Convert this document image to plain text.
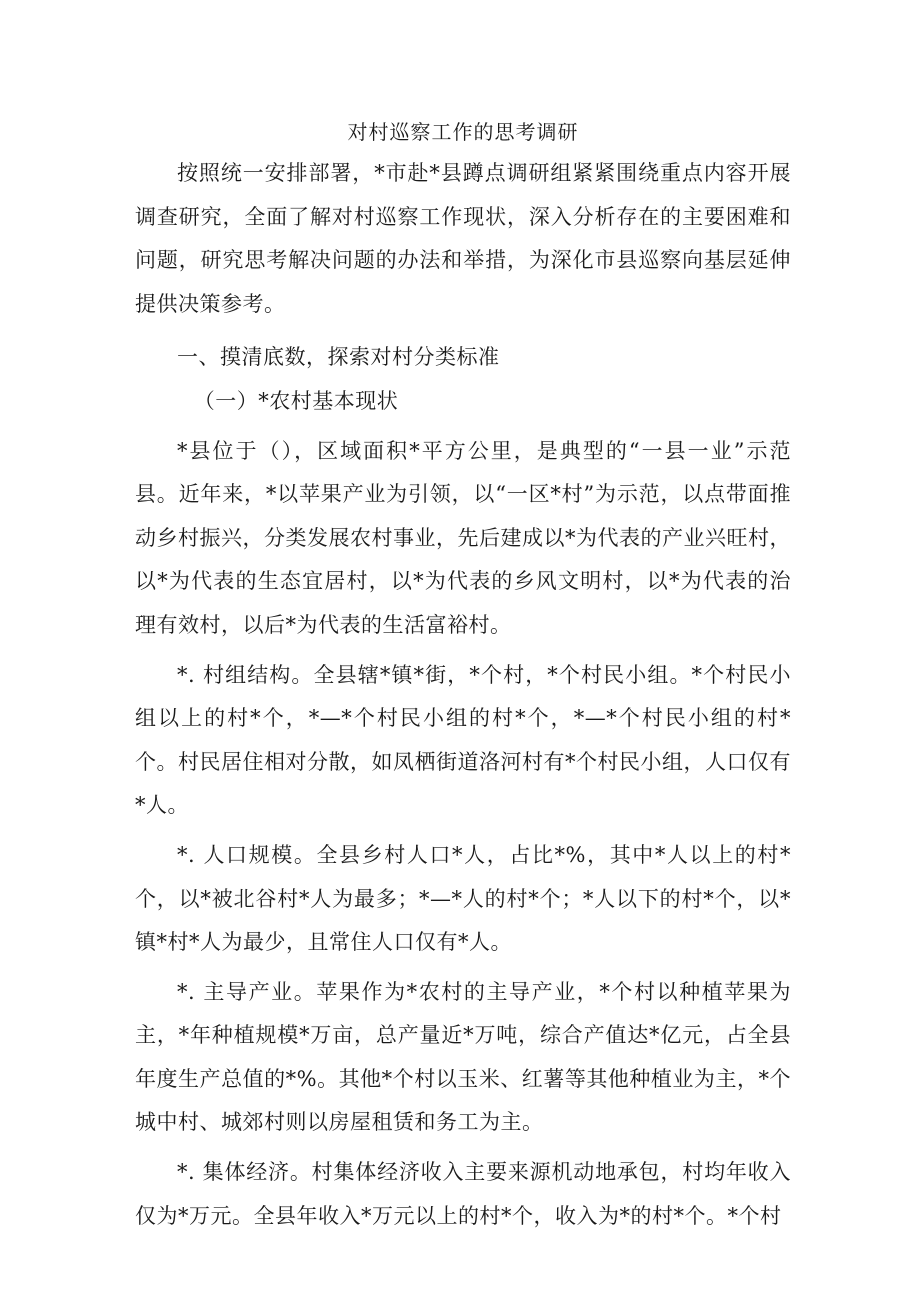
对村巡察工作的思考调研

按照统一安排部署，*市赴*县蹲点调研组紧紧围绕重点内容开展调查研究，全面了解对村巡察工作现状，深入分析存在的主要困难和问题，研究思考解决问题的办法和举措，为深化市县巡察向基层延伸提供决策参考。

一、摸清底数，探索对村分类标准

（一）*农村基本现状

*县位于（），区域面积*平方公里，是典型的“一县一业”示范县。近年来，*以苹果产业为引领，以“一区*村”为示范，以点带面推动乡村振兴，分类发展农村事业，先后建成以*为代表的产业兴旺村，以*为代表的生态宜居村，以*为代表的乡风文明村，以*为代表的治理有效村，以后*为代表的生活富裕村。

*. 村组结构。全县辖*镇*街，*个村，*个村民小组。*个村民小组以上的村*个，*—*个村民小组的村*个，*—*个村民小组的村*个。村民居住相对分散，如凤栖街道洛河村有*个村民小组，人口仅有*人。

*. 人口规模。全县乡村人口*人，占比*%，其中*人以上的村*个，以*被北谷村*人为最多；*—*人的村*个；*人以下的村*个，以*镇*村*人为最少，且常住人口仅有*人。

*. 主导产业。苹果作为*农村的主导产业，*个村以种植苹果为主，*年种植规模*万亩，总产量近*万吨，综合产值达*亿元，占全县年度生产总值的*%。其他*个村以玉米、红薯等其他种植业为主，*个城中村、城郊村则以房屋租赁和务工为主。

*. 集体经济。村集体经济收入主要来源机动地承包，村均年收入仅为*万元。全县年收入*万元以上的村*个，收入为*的村*个。*个村
